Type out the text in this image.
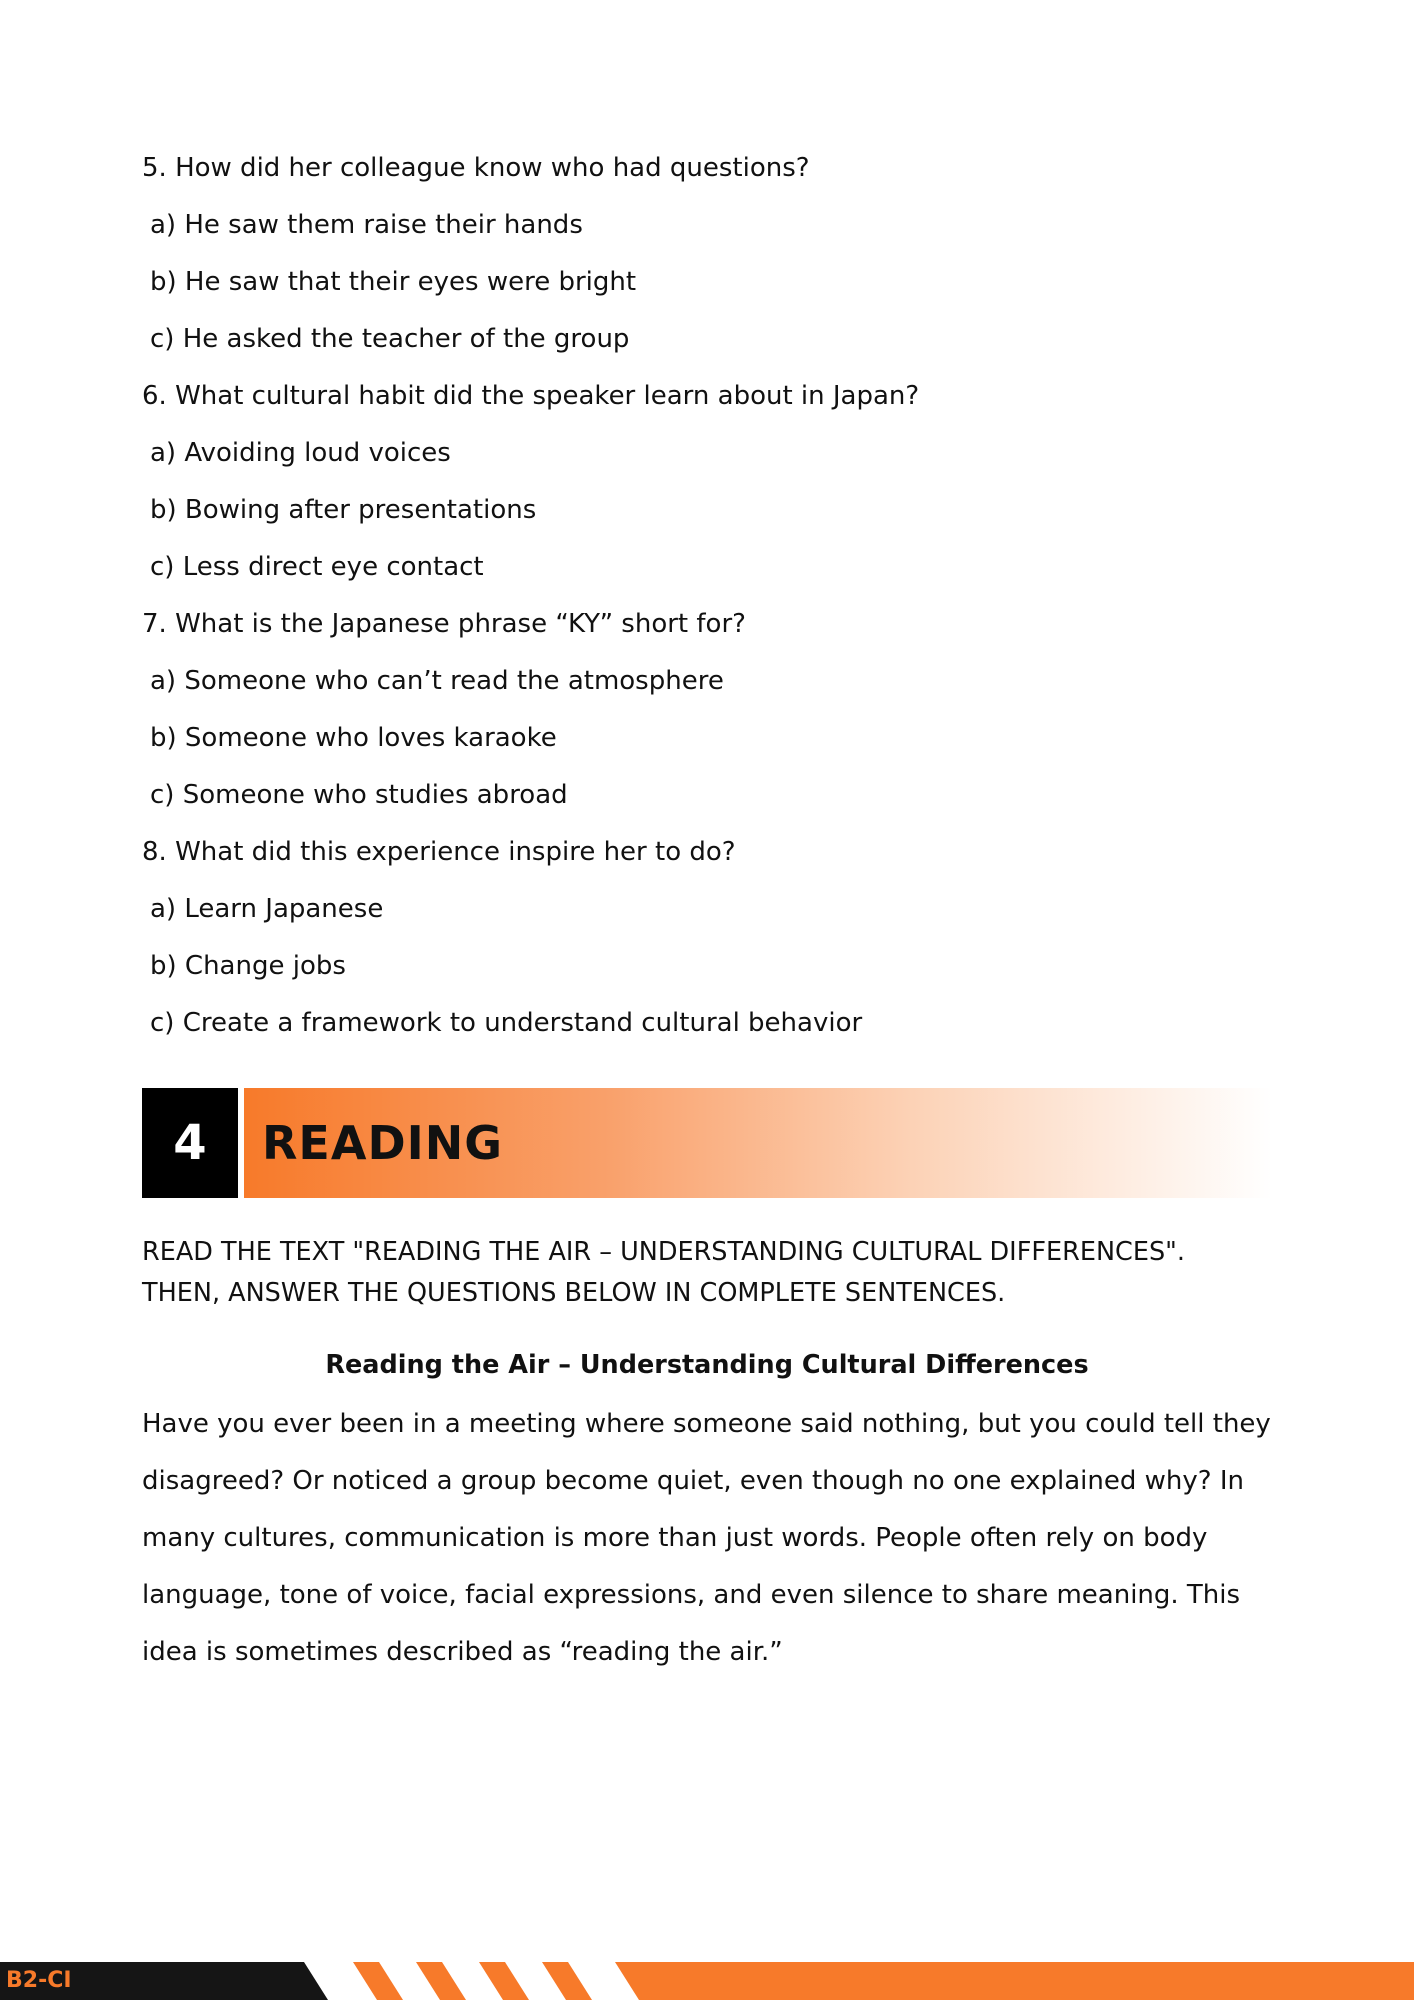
5. How did her colleague know who had questions?
a) He saw them raise their hands
b) He saw that their eyes were bright
c) He asked the teacher of the group
6. What cultural habit did the speaker learn about in Japan?
a) Avoiding loud voices
b) Bowing after presentations
c) Less direct eye contact
7. What is the Japanese phrase “KY” short for?
a) Someone who can’t read the atmosphere
b) Someone who loves karaoke
c) Someone who studies abroad
8. What did this experience inspire her to do?
a) Learn Japanese
b) Change jobs
c) Create a framework to understand cultural behavior
4	READING
READ THE TEXT "READING THE AIR – UNDERSTANDING CULTURAL DIFFERENCES".
THEN, ANSWER THE QUESTIONS BELOW IN COMPLETE SENTENCES.
Reading the Air – Understanding Cultural Differences
Have you ever been in a meeting where someone said nothing, but you could tell they
disagreed? Or noticed a group become quiet, even though no one explained why? In
many cultures, communication is more than just words. People often rely on body
language, tone of voice, facial expressions, and even silence to share meaning. This
idea is sometimes described as “reading the air.”
B2-CI
